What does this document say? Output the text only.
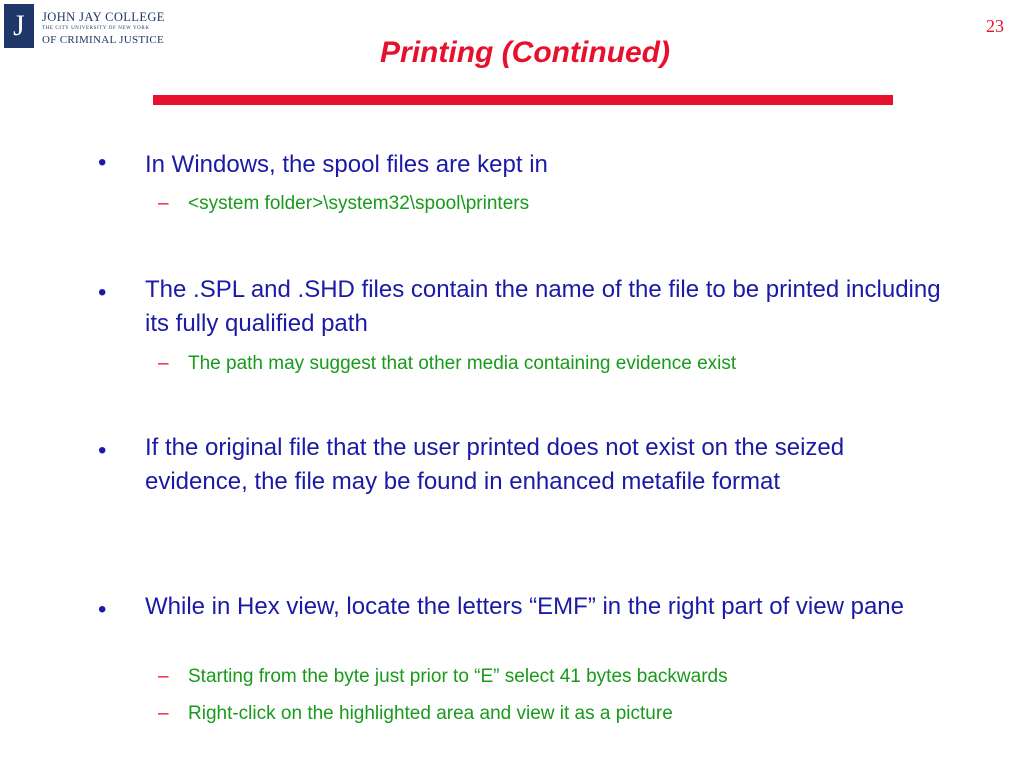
J	JOHN JAY COLLEGE
THE CITY UNIVERSITY OF NEW YORK
OF CRIMINAL JUSTICE
23
Printing (Continued)
• In Windows, the spool files are kept in
– <system folder>\system32\spool\printers
• The .SPL and .SHD files contain the name of the file to be printed including its fully qualified path
– The path may suggest that other media containing evidence exist
• If the original file that the user printed does not exist on the seized evidence, the file may be found in enhanced metafile format
• While in Hex view, locate the letters “EMF” in the right part of view pane
– Starting from the byte just prior to “E” select 41 bytes backwards
– Right-click on the highlighted area and view it as a picture
